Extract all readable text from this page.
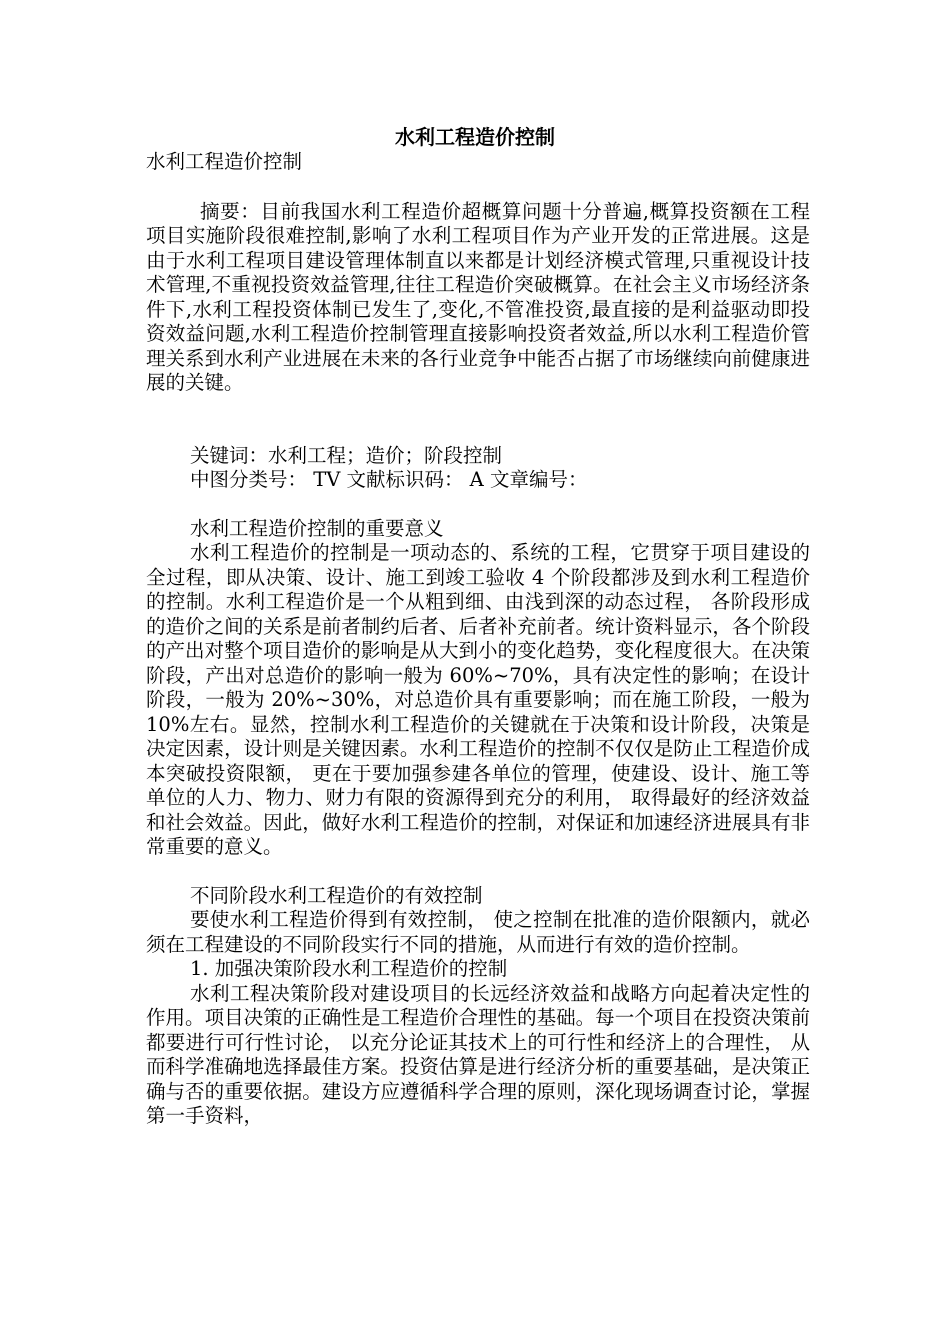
水利工程造价控制

水利工程造价控制

摘要：目前我国水利工程造价超概算问题十分普遍,概算投资额在工程项目实施阶段很难控制,影响了水利工程项目作为产业开发的正常进展。这是由于水利工程项目建设管理体制直以来都是计划经济模式管理,只重视设计技术管理,不重视投资效益管理,往往工程造价突破概算。在社会主义市场经济条件下,水利工程投资体制已发生了,变化,不管准投资,最直接的是利益驱动即投资效益问题,水利工程造价控制管理直接影响投资者效益,所以水利工程造价管理关系到水利产业进展在未来的各行业竞争中能否占据了市场继续向前健康进展的关键。

关键词：水利工程；造价；阶段控制

中图分类号： TV 文献标识码： A 文章编号：

水利工程造价控制的重要意义

水利工程造价的控制是一项动态的、系统的工程，它贯穿于项目建设的全过程，即从决策、设计、施工到竣工验收 4 个阶段都涉及到水利工程造价的控制。水利工程造价是一个从粗到细、由浅到深的动态过程， 各阶段形成的造价之间的关系是前者制约后者、后者补充前者。统计资料显示，各个阶段的产出对整个项目造价的影响是从大到小的变化趋势，变化程度很大。在决策阶段，产出对总造价的影响一般为 60%~70%，具有决定性的影响；在设计阶段，一般为 20%~30%，对总造价具有重要影响；而在施工阶段，一般为 10%左右。显然，控制水利工程造价的关键就在于决策和设计阶段，决策是决定因素，设计则是关键因素。水利工程造价的控制不仅仅是防止工程造价成本突破投资限额， 更在于要加强参建各单位的管理，使建设、设计、施工等单位的人力、物力、财力有限的资源得到充分的利用， 取得最好的经济效益和社会效益。因此，做好水利工程造价的控制，对保证和加速经济进展具有非常重要的意义。

不同阶段水利工程造价的有效控制

要使水利工程造价得到有效控制， 使之控制在批准的造价限额内，就必须在工程建设的不同阶段实行不同的措施，从而进行有效的造价控制。

1. 加强决策阶段水利工程造价的控制

水利工程决策阶段对建设项目的长远经济效益和战略方向起着决定性的作用。项目决策的正确性是工程造价合理性的基础。每一个项目在投资决策前都要进行可行性讨论， 以充分论证其技术上的可行性和经济上的合理性， 从而科学准确地选择最佳方案。投资估算是进行经济分析的重要基础，是决策正确与否的重要依据。建设方应遵循科学合理的原则，深化现场调查讨论，掌握第一手资料，
